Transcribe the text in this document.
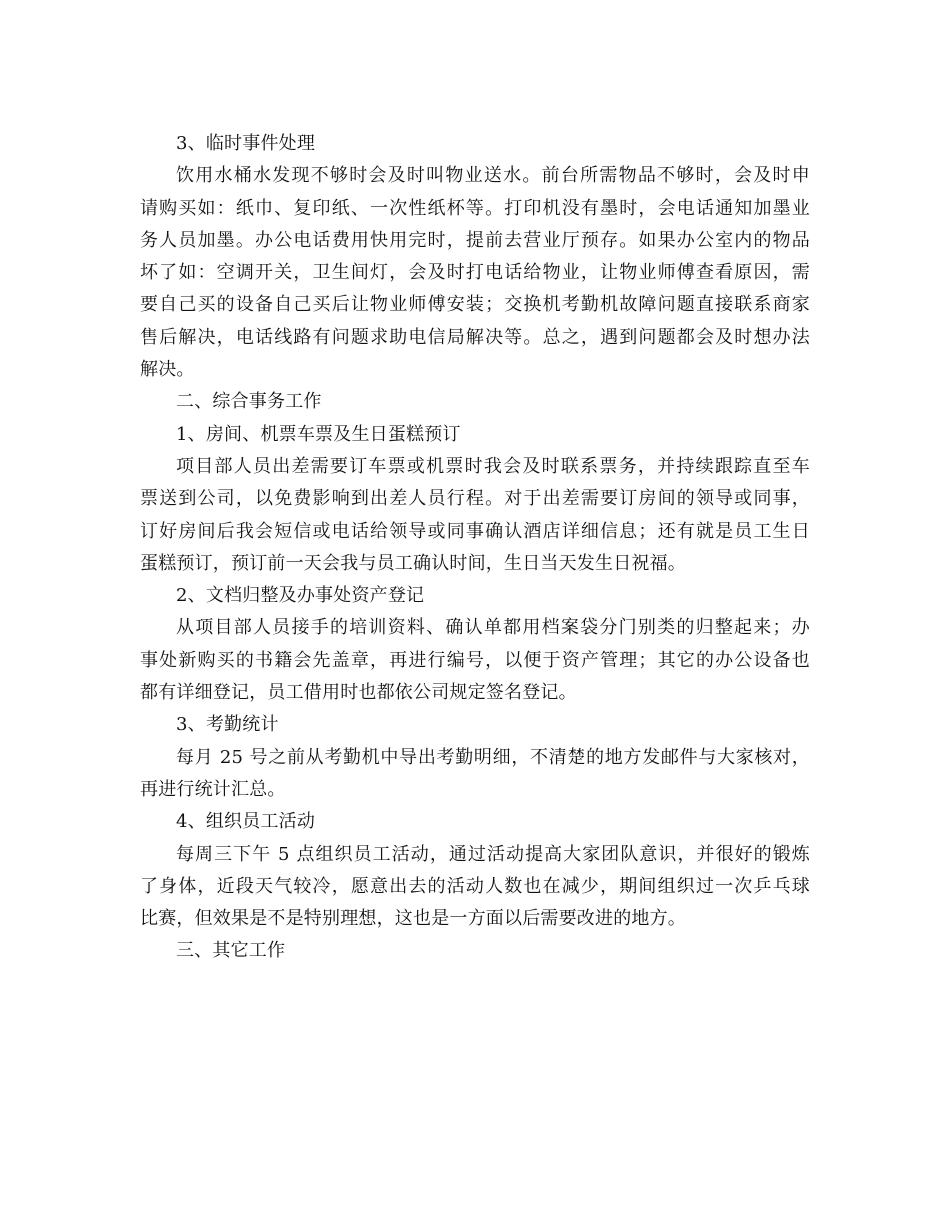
3、临时事件处理

饮用水桶水发现不够时会及时叫物业送水。前台所需物品不够时，会及时申
请购买如：纸巾、复印纸、一次性纸杯等。打印机没有墨时，会电话通知加墨业
务人员加墨。办公电话费用快用完时，提前去营业厅预存。如果办公室内的物品
坏了如：空调开关，卫生间灯，会及时打电话给物业，让物业师傅查看原因，需
要自己买的设备自己买后让物业师傅安装；交换机考勤机故障问题直接联系商家
售后解决，电话线路有问题求助电信局解决等。总之，遇到问题都会及时想办法
解决。

二、综合事务工作

1、房间、机票车票及生日蛋糕预订

项目部人员出差需要订车票或机票时我会及时联系票务，并持续跟踪直至车
票送到公司，以免费影响到出差人员行程。对于出差需要订房间的领导或同事，
订好房间后我会短信或电话给领导或同事确认酒店详细信息；还有就是员工生日
蛋糕预订，预订前一天会我与员工确认时间，生日当天发生日祝福。

2、文档归整及办事处资产登记

从项目部人员接手的培训资料、确认单都用档案袋分门别类的归整起来；办
事处新购买的书籍会先盖章，再进行编号，以便于资产管理；其它的办公设备也
都有详细登记，员工借用时也都依公司规定签名登记。

3、考勤统计

每月 25 号之前从考勤机中导出考勤明细，不清楚的地方发邮件与大家核对，
再进行统计汇总。

4、组织员工活动

每周三下午 5 点组织员工活动，通过活动提高大家团队意识，并很好的锻炼
了身体，近段天气较冷，愿意出去的活动人数也在减少，期间组织过一次乒乓球
比赛，但效果是不是特别理想，这也是一方面以后需要改进的地方。

三、其它工作
